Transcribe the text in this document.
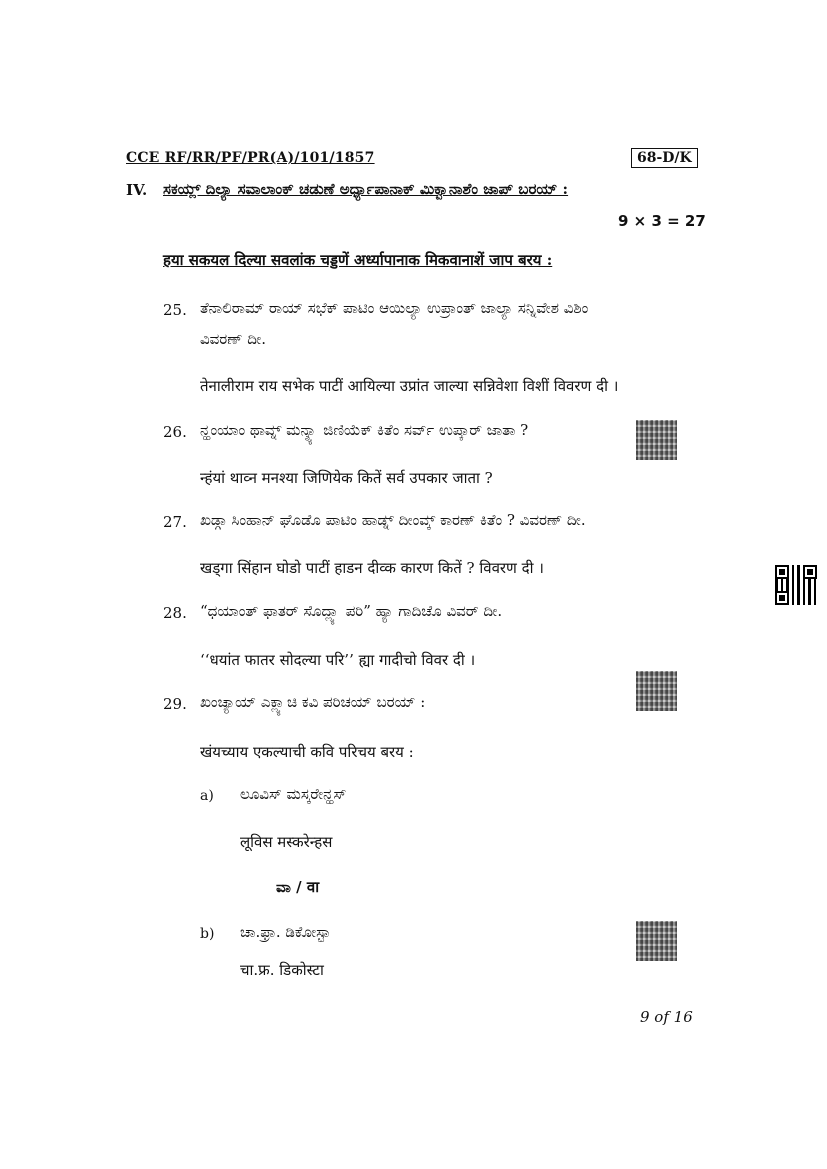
CCE RF/RR/PF/PR(A)/101/1857	68-D/K
IV. ಸಕಯ್ಲ್ ದಿಲ್ಯಾ ಸವಾಲಾಂಕ್ ಚಡುಣೆ ಅರ್ಧ್ಯಾಪಾನಾಕ್ ಮಿಕ್ವಾನಾಶೆಂ ಜಾಪ್ ಬರಯ್ :
9 × 3 = 27
हया सकयल दिल्या सवलांक चड्डणें अर्ध्यापानाक मिकवानाशें जाप बरय :
25. ತೆನಾಲಿರಾಮ್ ರಾಯ್ ಸಭೆಕ್ ಪಾಟಿಂ ಆಯಿಲ್ಯಾ ಉಪ್ರಾಂತ್ ಜಾಲ್ಯಾ ಸನ್ನಿವೇಶ ವಿಶಿಂ
ವಿವರಣ್ ದೀ.
तेनालीराम राय सभेक पाटीं आयिल्या उप्रांत जाल्या सन्निवेशा विशीं विवरण दी ।
26. ನ್ಹಂಯಾಂ ಥಾವ್ನ್ ಮನ್ಶ್ಯಾ ಜಿಣಿಯೆಕ್ ಕಿತೆಂ ಸರ್ವ್ ಉಪ್ಕಾರ್ ಜಾತಾ ?
न्हंयां थाव्न मनश्या जिणियेक कितें सर्व उपकार जाता ?
27. ಖಡ್ಗಾ ಸಿಂಹಾನ್ ಘೊಡೊ ಪಾಟಿಂ ಹಾಡ್ನ್ ದೀಂವ್ಕ್ ಕಾರಣ್ ಕಿತೆಂ ? ವಿವರಣ್ ದೀ.
खड्गा सिंहान घोडो पाटीं हाडन दीव्क कारण कितें ? विवरण दी ।
28. “ಧಯಾಂತ್ ಫಾತರ್ ಸೊದ್ಲ್ಯಾ ಪರಿ” ಹ್ಯಾ ಗಾದಿಚೊ ವಿವರ್ ದೀ.
‘‘धयांत फातर सोदल्या परि’’ ह्या गादीचो विवर दी ।
29. ಖಂಚ್ಯಾಯ್ ಎಕ್ಲ್ಯಾಚಿ ಕವಿ ಪರಿಚಯ್ ಬರಯ್ :
खंयच्याय एकल्याची कवि परिचय बरय :
a) ಲೂವಿಸ್ ಮಸ್ಕರೇನ್ಹಸ್
लूविस मस्करेन्हस
ವಾ / वा
b) ಚಾ.ಫ್ರಾ. ಡಿಕೋಸ್ಟಾ
चा.फ्र. डिकोस्टा
9 of 16
